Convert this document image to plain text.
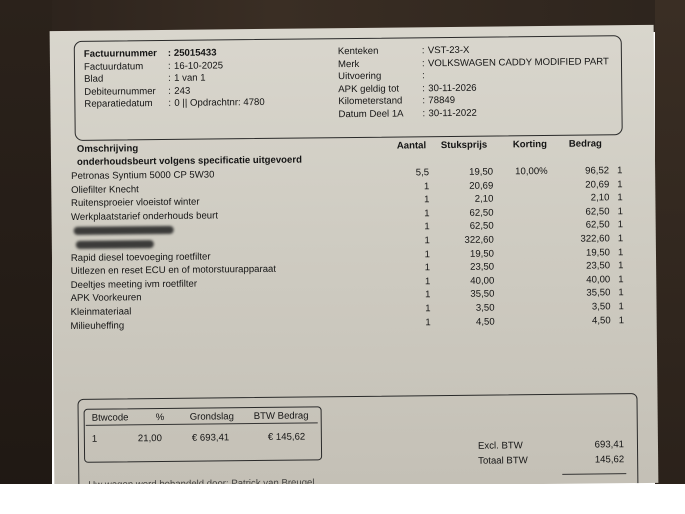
Factuurnummer : 25015433
Factuurdatum	: 16-10-2025
Blad	: 1 van 1
Debiteurnummer : 243
Reparatiedatum : 0 || Opdrachtnr: 4780
Kenteken	: VST-23-X
Merk	: VOLKSWAGEN CADDY MODIFIED PART
Uitvoering	:
APK geldig tot : 30-11-2026
Kilometerstand : 78849
Datum Deel 1A : 30-11-2022
Omschrijving	Aantal Stuksprijs	Korting Bedrag
onderhoudsbeurt volgens specificatie uitgevoerd
Petronas Syntium 5000 CP 5W30	5,5	19,50 10,00%	96,52 1
Oliefilter Knecht	1	20,69	20,69 1
Ruitensproeier vloeistof winter	1	2,10	2,10 1
Werkplaatstarief onderhouds beurt	1	62,50	62,50 1
1	62,50	62,50 1
1	322,60	322,60 1
Rapid diesel toevoeging roetfilter	1	19,50	19,50 1
Uitlezen en reset ECU en of motorstuurapparaat	1	23,50	23,50 1
Deeltjes meeting ivm roetfilter	1	40,00	40,00 1
APK Voorkeuren	1	35,50	35,50 1
Kleinmateriaal	1	3,50	3,50 1
Milieuheffing	1	4,50	4,50 1
Btwcode	%	Grondslag BTW Bedrag
1	21,00	€ 693,41	€ 145,62
Excl. BTW	693,41
Totaal BTW	145,62
